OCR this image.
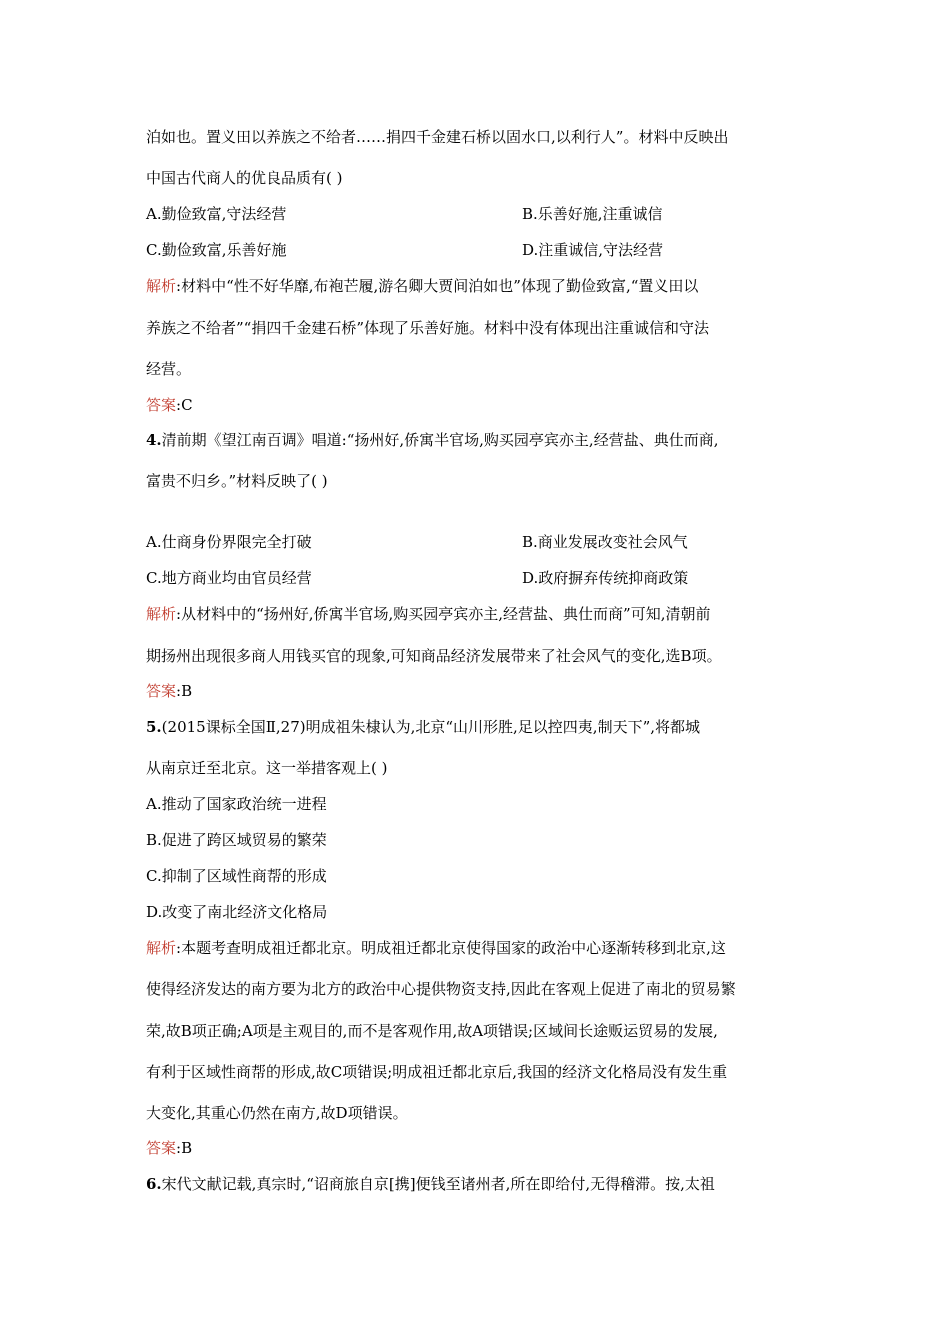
泊如也。置义田以养族之不给者……捐四千金建石桥以固水口,以利行人”。材料中反映出
中国古代商人的优良品质有( )
A.勤俭致富,守法经营	B.乐善好施,注重诚信
C.勤俭致富,乐善好施	D.注重诚信,守法经营
解析:材料中“性不好华靡,布袍芒履,游名卿大贾间泊如也”体现了勤俭致富,“置义田以
养族之不给者”“捐四千金建石桥”体现了乐善好施。材料中没有体现出注重诚信和守法
经营。
答案:C
4.清前期《望江南百调》唱道:“扬州好,侨寓半官场,购买园亭宾亦主,经营盐、典仕而商,
富贵不归乡。”材料反映了( )
A.仕商身份界限完全打破	B.商业发展改变社会风气
C.地方商业均由官员经营	D.政府摒弃传统抑商政策
解析:从材料中的“扬州好,侨寓半官场,购买园亭宾亦主,经营盐、典仕而商”可知,清朝前
期扬州出现很多商人用钱买官的现象,可知商品经济发展带来了社会风气的变化,选B项。
答案:B
5.(2015课标全国Ⅱ,27)明成祖朱棣认为,北京“山川形胜,足以控四夷,制天下”,将都城
从南京迁至北京。这一举措客观上( )
A.推动了国家政治统一进程
B.促进了跨区域贸易的繁荣
C.抑制了区域性商帮的形成
D.改变了南北经济文化格局
解析:本题考查明成祖迁都北京。明成祖迁都北京使得国家的政治中心逐渐转移到北京,这
使得经济发达的南方要为北方的政治中心提供物资支持,因此在客观上促进了南北的贸易繁
荣,故B项正确;A项是主观目的,而不是客观作用,故A项错误;区域间长途贩运贸易的发展,
有利于区域性商帮的形成,故C项错误;明成祖迁都北京后,我国的经济文化格局没有发生重
大变化,其重心仍然在南方,故D项错误。
答案:B
6.宋代文献记载,真宗时,“诏商旅自京[携]便钱至诸州者,所在即给付,无得稽滞。按,太祖
